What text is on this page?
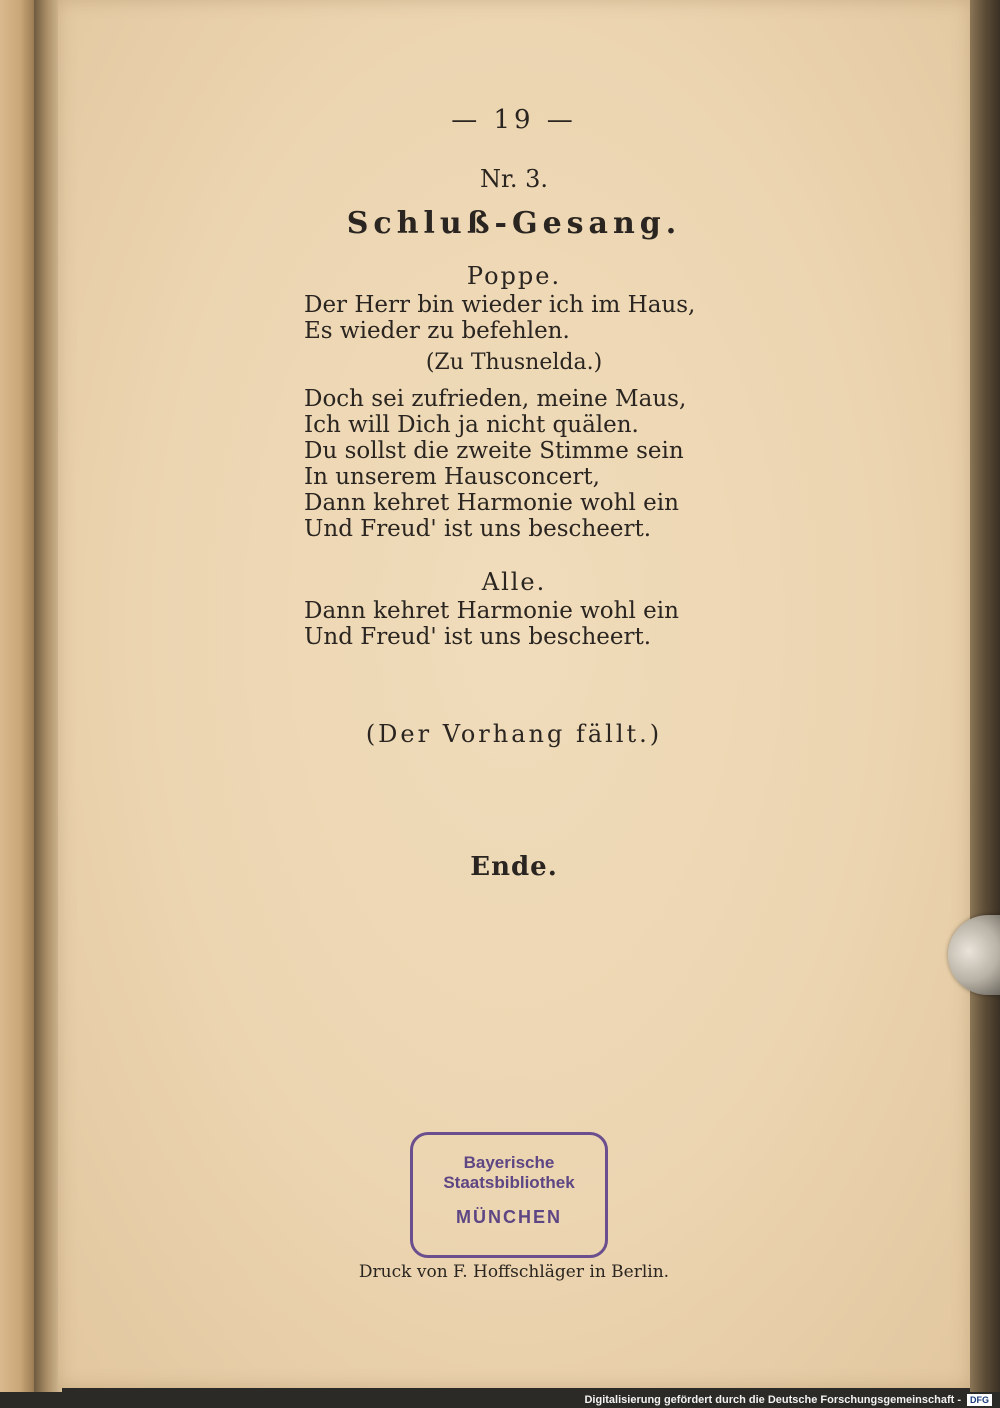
— 19 —
Nr. 3.
Schluß-Gesang.
Poppe.
Der Herr bin wieder ich im Haus,
Es wieder zu befehlen.
(Zu Thusnelda.)
Doch sei zufrieden, meine Maus,
Ich will Dich ja nicht quälen.
Du sollst die zweite Stimme sein
In unserem Hausconcert,
Dann kehret Harmonie wohl ein
Und Freud' ist uns bescheert.
Alle.
Dann kehret Harmonie wohl ein
Und Freud' ist uns bescheert.
(Der Vorhang fällt.)
Ende.
Bayerische
Staatsbibliothek
MÜNCHEN
Druck von F. Hoffschläger in Berlin.
Digitalisierung gefördert durch die Deutsche Forschungsgemeinschaft - DFG
